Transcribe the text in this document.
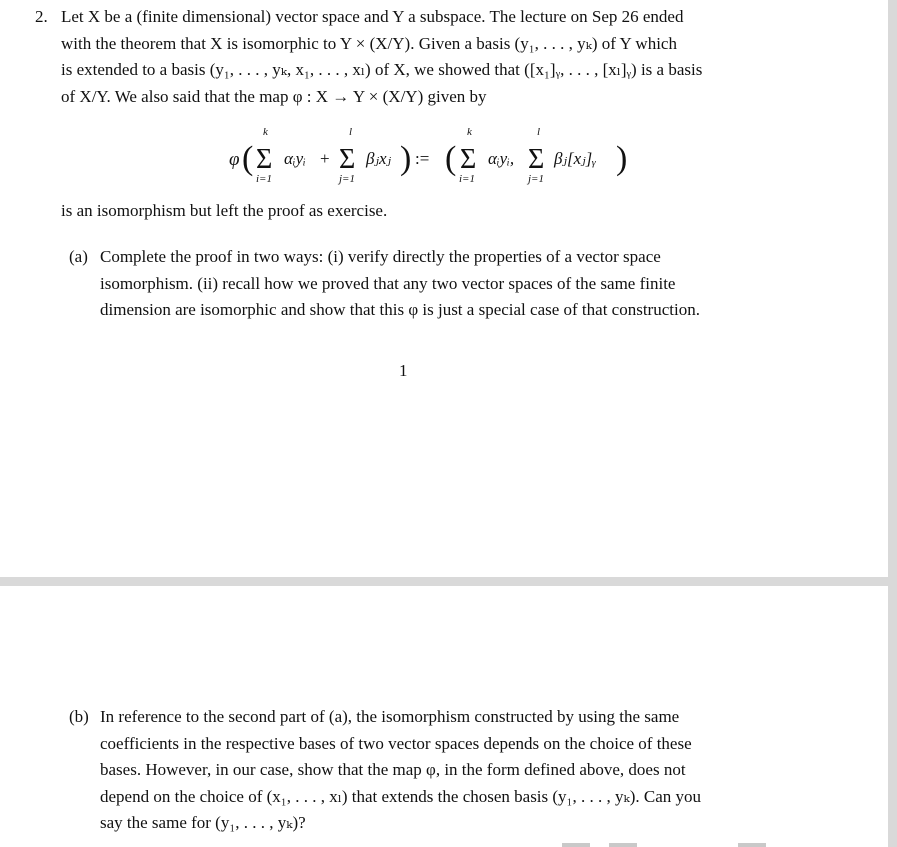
2. Let X be a (finite dimensional) vector space and Y a subspace. The lecture on Sep 26 ended
with the theorem that X is isomorphic to Y × (X/Y). Given a basis (y₁, . . . , yₖ) of Y which
is extended to a basis (y₁, . . . , yₖ, x₁, . . . , xₗ) of X, we showed that ([x₁]ᵧ, . . . , [xₗ]ᵧ) is a basis
of X/Y. We also said that the map φ : X → Y × (X/Y) given by
φ (
k
Σ
i=1
αᵢyᵢ +
l
Σ
j=1
βⱼxⱼ ) := (
k
Σ
i=1
αᵢyᵢ,
l
Σ
j=1
βⱼ[xⱼ]ᵧ )
is an isomorphism but left the proof as exercise.
(a) Complete the proof in two ways: (i) verify directly the properties of a vector space
isomorphism. (ii) recall how we proved that any two vector spaces of the same finite
dimension are isomorphic and show that this φ is just a special case of that construction.
1
(b) In reference to the second part of (a), the isomorphism constructed by using the same
coefficients in the respective bases of two vector spaces depends on the choice of these
bases. However, in our case, show that the map φ, in the form defined above, does not
depend on the choice of (x₁, . . . , xₗ) that extends the chosen basis (y₁, . . . , yₖ). Can you
say the same for (y₁, . . . , yₖ)?
